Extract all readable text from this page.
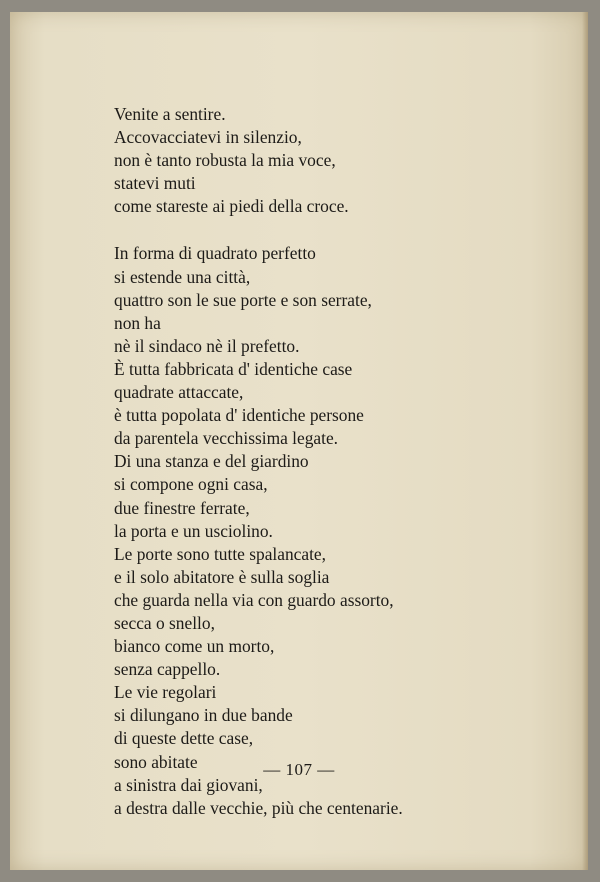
Venite a sentire.
Accovacciatevi in silenzio,
non è tanto robusta la mia voce,
statevi muti
come stareste ai piedi della croce.
In forma di quadrato perfetto
si estende una città,
quattro son le sue porte e son serrate,
non ha
nè il sindaco nè il prefetto.
È tutta fabbricata d' identiche case
quadrate attaccate,
è tutta popolata d' identiche persone
da parentela vecchissima legate.
Di una stanza e del giardino
si compone ogni casa,
due finestre ferrate,
la porta e un usciolino.
Le porte sono tutte spalancate,
e il solo abitatore è sulla soglia
che guarda nella via con guardo assorto,
secca o snello,
bianco come un morto,
senza cappello.
Le vie regolari
si dilungano in due bande
di queste dette case,
sono abitate
a sinistra dai giovani,
a destra dalle vecchie, più che centenarie.
— 107 —
